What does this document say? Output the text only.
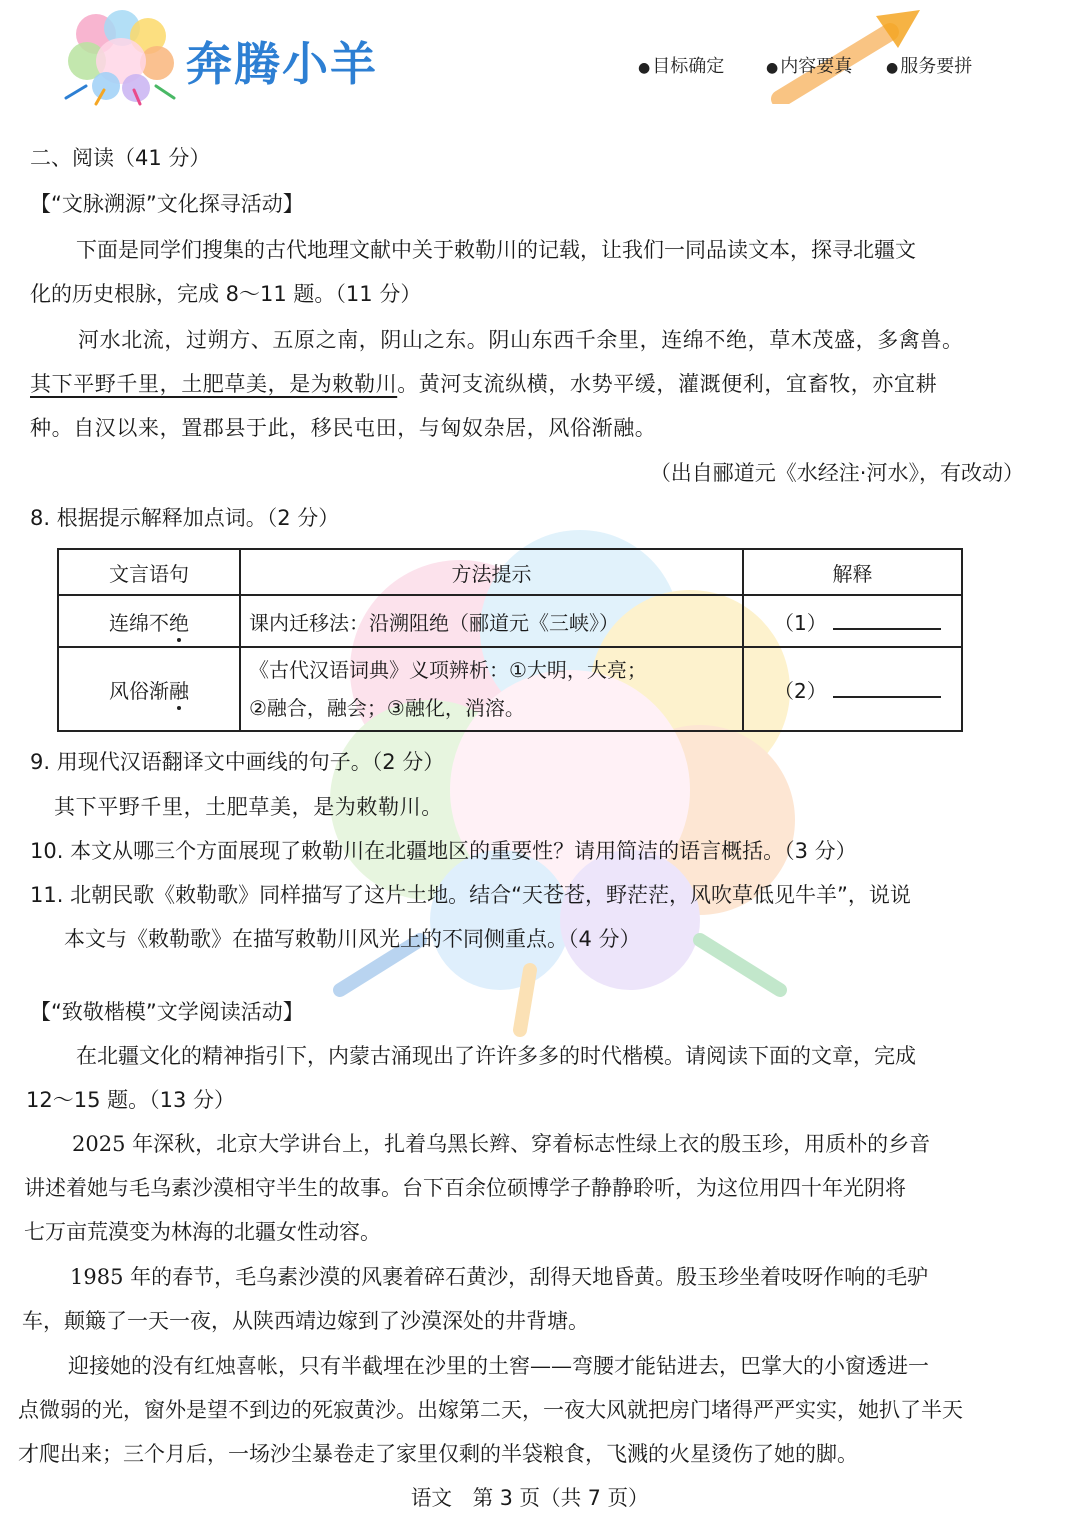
奔腾小羊	● 目标确定	● 内容要真	● 服务要拼
二、阅读（41 分）
【“文脉溯源”文化探寻活动】
下面是同学们搜集的古代地理文献中关于敕勒川的记载，让我们一同品读文本，探寻北疆文
化的历史根脉，完成 8～11 题。（11 分）
河水北流，过朔方、五原之南，阴山之东。阴山东西千余里，连绵不绝，草木茂盛，多禽兽。
其下平野千里，土肥草美，是为敕勒川。黄河支流纵横，水势平缓，灌溉便利，宜畜牧，亦宜耕
种。自汉以来，置郡县于此，移民屯田，与匈奴杂居，风俗渐融。
（出自郦道元《水经注·河水》，有改动）
8. 根据提示解释加点词。（2 分）
文言语句	方法提示	解释
连绵不绝	课内迁移法：沿溯阻绝（郦道元《三峡》）	（1）
风俗渐融	《古代汉语词典》义项辨析：①大明，大亮；
②融合，融会；③融化，消溶。	（2）
9. 用现代汉语翻译文中画线的句子。（2 分）
其下平野千里，土肥草美，是为敕勒川。
10. 本文从哪三个方面展现了敕勒川在北疆地区的重要性？请用简洁的语言概括。（3 分）
11. 北朝民歌《敕勒歌》同样描写了这片土地。结合“天苍苍，野茫茫，风吹草低见牛羊”，说说
本文与《敕勒歌》在描写敕勒川风光上的不同侧重点。（4 分）
【“致敬楷模”文学阅读活动】
在北疆文化的精神指引下，内蒙古涌现出了许许多多的时代楷模。请阅读下面的文章，完成
12～15 题。（13 分）
2025 年深秋，北京大学讲台上，扎着乌黑长辫、穿着标志性绿上衣的殷玉珍，用质朴的乡音
讲述着她与毛乌素沙漠相守半生的故事。台下百余位硕博学子静静聆听，为这位用四十年光阴将
七万亩荒漠变为林海的北疆女性动容。
1985 年的春节，毛乌素沙漠的风裹着碎石黄沙，刮得天地昏黄。殷玉珍坐着吱呀作响的毛驴
车，颠簸了一天一夜，从陕西靖边嫁到了沙漠深处的井背塘。
迎接她的没有红烛喜帐，只有半截埋在沙里的土窖——弯腰才能钻进去，巴掌大的小窗透进一
点微弱的光，窗外是望不到边的死寂黄沙。出嫁第二天，一夜大风就把房门堵得严严实实，她扒了半天
才爬出来；三个月后，一场沙尘暴卷走了家里仅剩的半袋粮食，飞溅的火星烫伤了她的脚。
语文　第 3 页（共 7 页）
